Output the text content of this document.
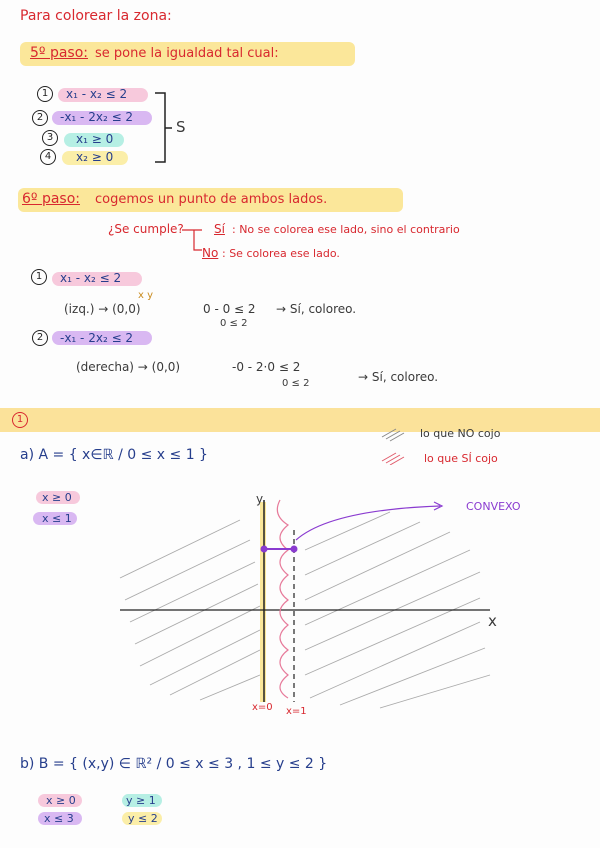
Para colorear la zona:
5º paso: se pone la igualdad tal cual:
1	x₁ - x₂ ≤ 2
2	-x₁ - 2x₂ ≤ 2
3	x₁ ≥ 0
4	x₂ ≥ 0
S
6º paso: cogemos un punto de ambos lados.
¿Se cumple?	Sí : No se colorea ese lado, sino el contrario
No : Se colorea ese lado.
1	x₁ - x₂ ≤ 2
x y
(izq.) → (0,0)	0 - 0 ≤ 2
0 ≤ 2
→ Sí, coloreo.
2	-x₁ - 2x₂ ≤ 2
(derecha) → (0,0)	-0 - 2·0 ≤ 2
0 ≤ 2	→ Sí, coloreo.
1
lo que NO cojo
lo que SÍ cojo
a) A = { x∈ℝ / 0 ≤ x ≤ 1 }
x ≥ 0
x ≤ 1
CONVEXO
y
x
x=0 x=1
b) B = { (x,y) ∈ ℝ² / 0 ≤ x ≤ 3 , 1 ≤ y ≤ 2 }
x ≥ 0
x ≤ 3
y ≥ 1
y ≤ 2
